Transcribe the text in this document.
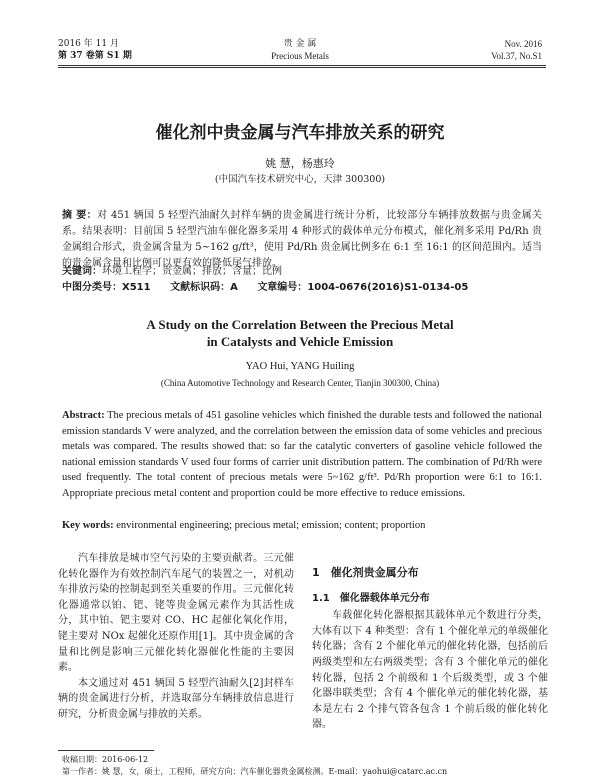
2016 年 11 月
第 37 卷第 S1 期
贵 金 属
Precious Metals
Nov. 2016
Vol.37, No.S1
催化剂中贵金属与汽车排放关系的研究
姚 慧，杨惠玲
(中国汽车技术研究中心，天津 300300)
摘 要：对 451 辆国 5 轻型汽油耐久封样车辆的贵金属进行统计分析，比较部分车辆排放数据与贵金属关系。结果表明：目前国 5 轻型汽油车催化器多采用 4 种形式的载体单元分布模式，催化剂多采用 Pd/Rh 贵金属组合形式，贵金属含量为 5~162 g/ft³，使用 Pd/Rh 贵金属比例多在 6:1 至 16:1 的区间范围内。适当的贵金属含量和比例可以更有效的降低尾气排放。
关键词：环境工程学；贵金属；排放；含量；比例
中图分类号：X511 文献标识码：A 文章编号：1004-0676(2016)S1-0134-05
A Study on the Correlation Between the Precious Metal
in Catalysts and Vehicle Emission
YAO Hui, YANG Huiling
(China Automotive Technology and Research Center, Tianjin 300300, China)
Abstract: The precious metals of 451 gasoline vehicles which finished the durable tests and followed the national emission standards V were analyzed, and the correlation between the emission data of some vehicles and precious metals was compared. The results showed that: so far the catalytic converters of gasoline vehicle followed the national emission standards V used four forms of carrier unit distribution pattern. The combination of Pd/Rh were used frequently. The total content of precious metals were 5~162 g/ft³. Pd/Rh proportion were 6:1 to 16:1. Appropriate precious metal content and proportion could be more effective to reduce emissions.
Key words: environmental engineering; precious metal; emission; content; proportion

汽车排放是城市空气污染的主要贡献者。三元催化转化器作为有效控制汽车尾气的装置之一，对机动车排放污染的控制起到至关重要的作用。三元催化转化器通常以铂、钯、铑等贵金属元素作为其活性成分，其中铂、钯主要对 CO、HC 起催化氧化作用，铑主要对 NOx 起催化还原作用[1]。其中贵金属的含量和比例是影响三元催化转化器催化性能的主要因素。

本文通过对 451 辆国 5 轻型汽油耐久[2]封样车辆的贵金属进行分析，并选取部分车辆排放信息进行研究，分析贵金属与排放的关系。

1　催化剂贵金属分布
1.1　催化器载体单元分布

车载催化转化器根据其载体单元个数进行分类，大体有以下 4 种类型：含有 1 个催化单元的单级催化转化器；含有 2 个催化单元的催化转化器，包括前后两级类型和左右两级类型；含有 3 个催化单元的催化转化器，包括 2 个前级和 1 个后级类型，或 3 个催化器串联类型；含有 4 个催化单元的催化转化器，基本是左右 2 个排气管各包含 1 个前后级的催化转化器。

收稿日期：2016-06-12
第一作者：姚 慧，女，硕士，工程师，研究方向：汽车催化器贵金属检测。E-mail：yaohui@catarc.ac.cn
